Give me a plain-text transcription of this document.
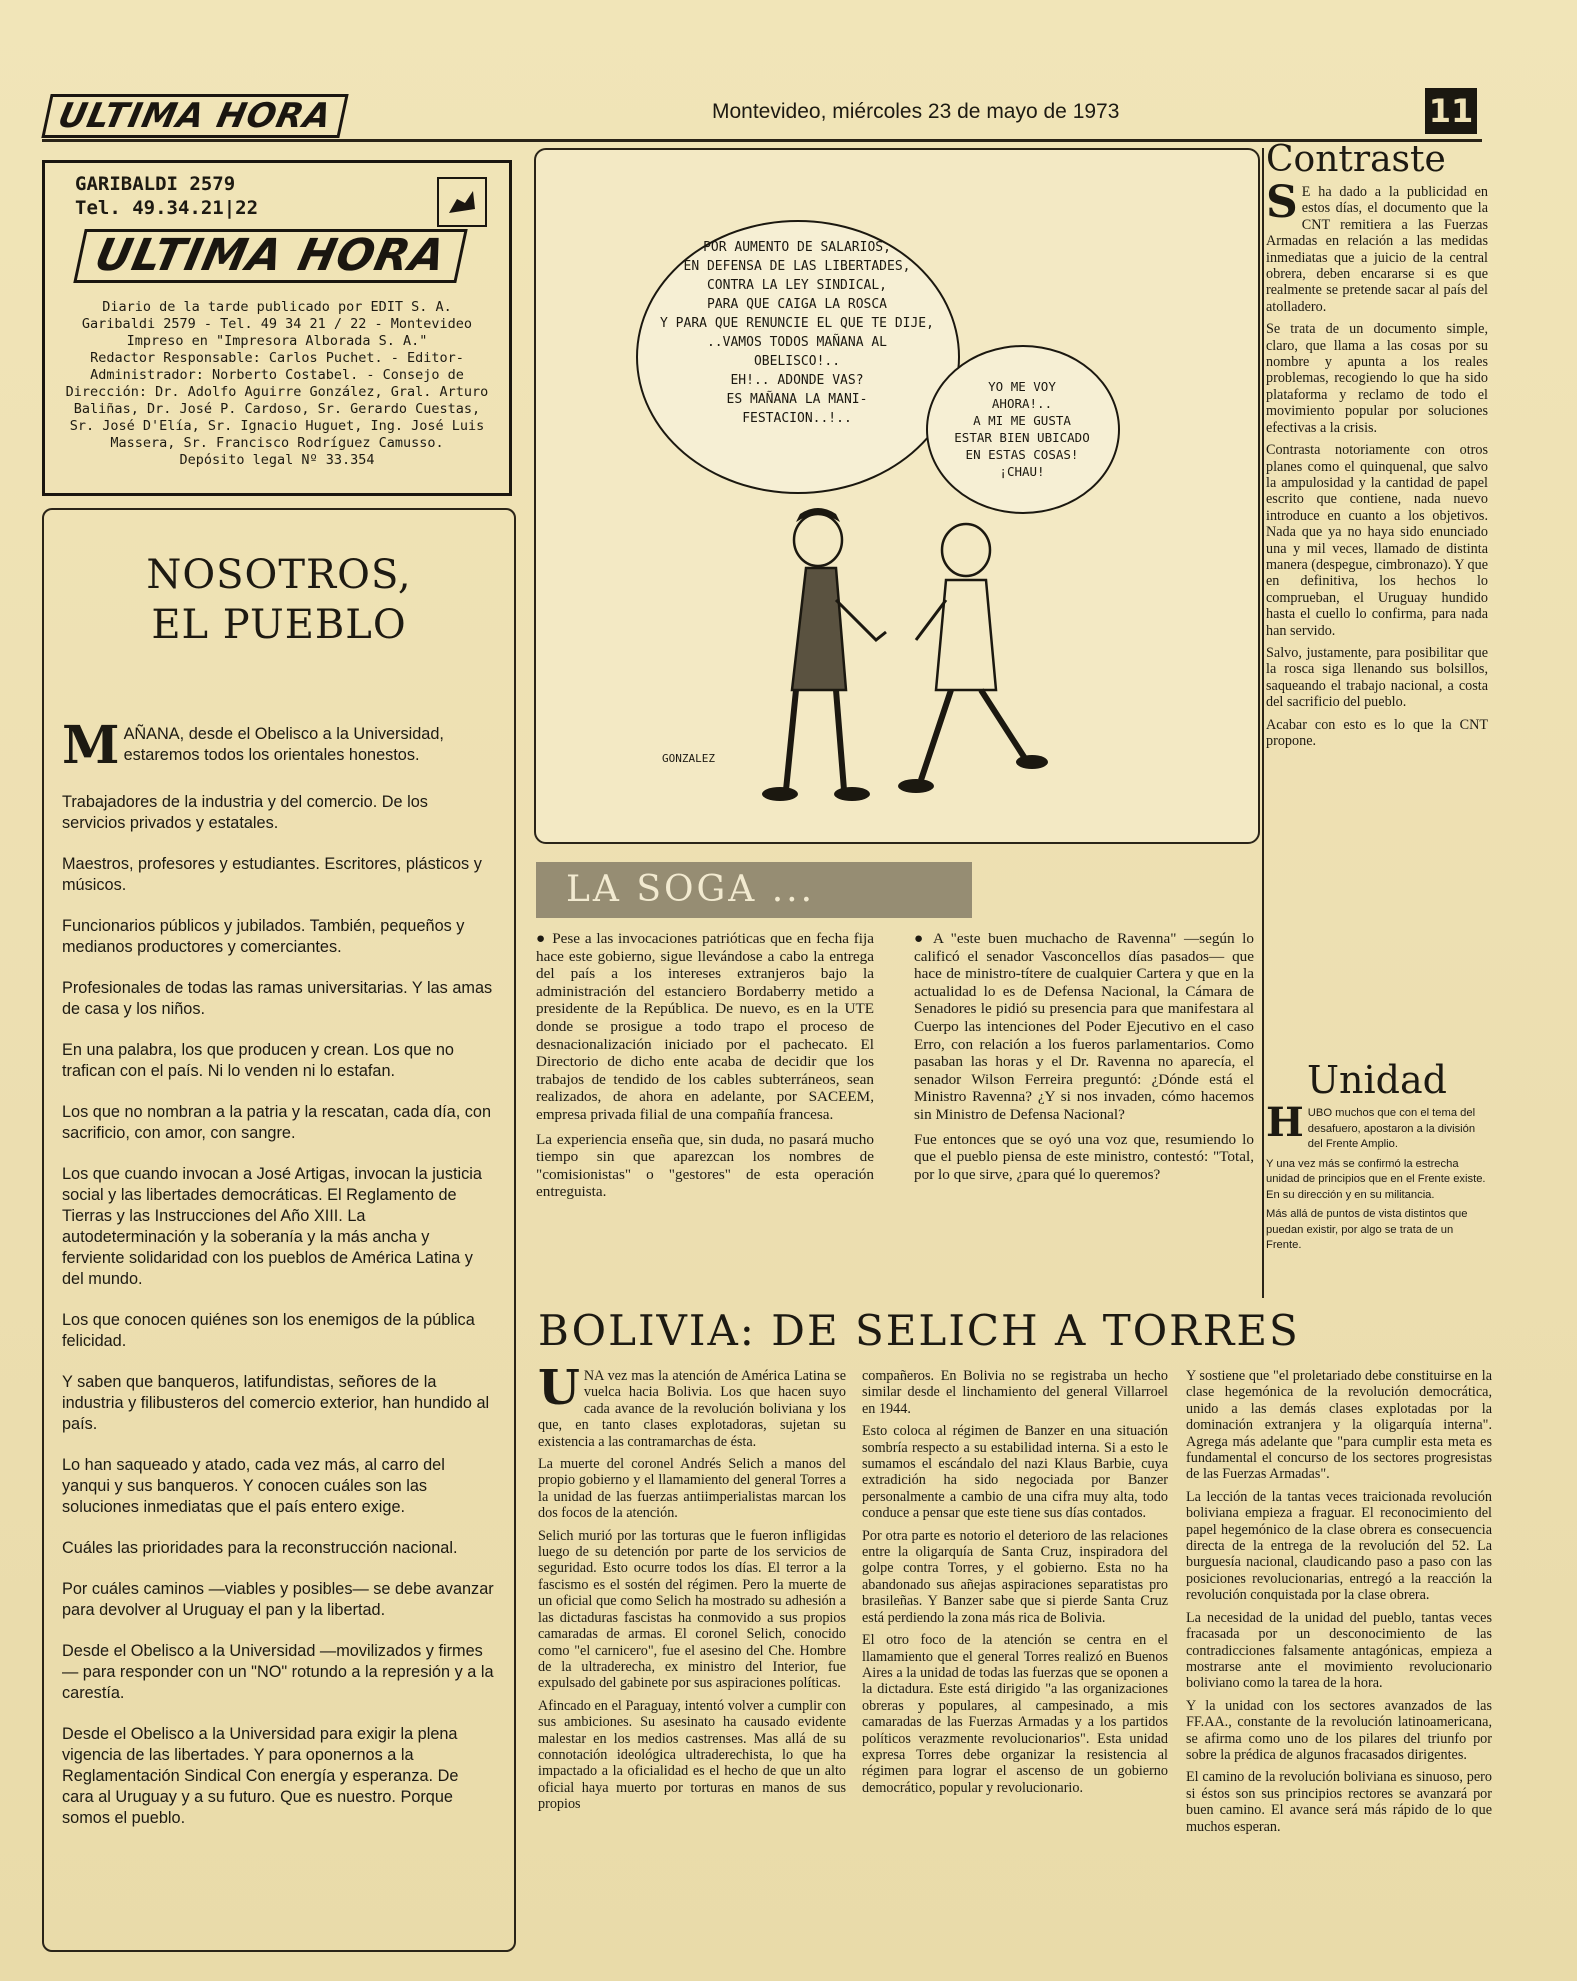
ULTIMA HORA	Montevideo, miércoles 23 de mayo de 1973	11
GARIBALDI 2579
Tel. 49.34.21|22
ULTIMA HORA

Diario de la tarde publicado por EDIT S. A.

Garibaldi 2579 - Tel. 49 34 21 / 22 - Montevideo

Impreso en "Impresora Alborada S. A."

Redactor Responsable: Carlos Puchet. - Editor-

Administrador: Norberto Costabel. - Consejo de

Dirección: Dr. Adolfo Aguirre González, Gral. Arturo

Baliñas, Dr. José P. Cardoso, Sr. Gerardo Cuestas,

Sr. José D'Elía, Sr. Ignacio Huguet, Ing. José Luis

Massera, Sr. Francisco Rodríguez Camusso.

Depósito legal Nº 33.354

NOSOTROS,
EL PUEBLO

M AÑANA, desde el Obelisco a la Universidad, estaremos todos los orientales honestos.

Trabajadores de la industria y del comercio. De los servicios privados y estatales.

Maestros, profesores y estudiantes. Escritores, plásticos y músicos.

Funcionarios públicos y jubilados. También, pequeños y medianos productores y comerciantes.

Profesionales de todas las ramas universitarias. Y las amas de casa y los niños.

En una palabra, los que producen y crean. Los que no trafican con el país. Ni lo venden ni lo estafan.

Los que no nombran a la patria y la rescatan, cada día, con sacrificio, con amor, con sangre.

Los que cuando invocan a José Artigas, invocan la justicia social y las libertades democráticas. El Reglamento de Tierras y las Instrucciones del Año XIII. La autodeterminación y la soberanía y la más ancha y ferviente solidaridad con los pueblos de América Latina y del mundo.

Los que conocen quiénes son los enemigos de la pública felicidad.

Y saben que banqueros, latifundistas, señores de la industria y filibusteros del comercio exterior, han hundido al país.

Lo han saqueado y atado, cada vez más, al carro del yanqui y sus banqueros. Y conocen cuáles son las soluciones inmediatas que el país entero exige.

Cuáles las prioridades para la reconstrucción nacional.

Por cuáles caminos —viables y posibles— se debe avanzar para devolver al Uruguay el pan y la libertad.

Desde el Obelisco a la Universidad —movilizados y firmes— para responder con un "NO" rotundo a la represión y a la carestía.

Desde el Obelisco a la Universidad para exigir la plena vigencia de las libertades. Y para oponernos a la Reglamentación Sindical Con energía y esperanza. De cara al Uruguay y a su futuro. Que es nuestro. Porque somos el pueblo.

POR AUMENTO DE SALARIOS,
EN DEFENSA DE LAS LIBERTADES,
CONTRA LA LEY SINDICAL,
PARA QUE CAIGA LA ROSCA
Y PARA QUE RENUNCIE EL QUE TE DIJE,
..VAMOS TODOS MAÑANA AL
OBELISCO!..
EH!.. ADONDE VAS?
ES MAÑANA LA MANI-
FESTACION..!..
YO ME VOY
AHORA!..
A MI ME GUSTA
ESTAR BIEN UBICADO
EN ESTAS COSAS!
¡CHAU!
GONZALEZ
Contraste

S E ha dado a la publicidad en estos días, el documento que la CNT remitiera a las Fuerzas Armadas en relación a las medidas inmediatas que a juicio de la central obrera, deben encararse si es que realmente se pretende sacar al país del atolladero.

Se trata de un documento simple, claro, que llama a las cosas por su nombre y apunta a los reales problemas, recogiendo lo que ha sido plataforma y reclamo de todo el movimiento popular por soluciones efectivas a la crisis.

Contrasta notoriamente con otros planes como el quinquenal, que salvo la ampulosidad y la cantidad de papel escrito que contiene, nada nuevo introduce en cuanto a los objetivos. Nada que ya no haya sido enunciado una y mil veces, llamado de distinta manera (despegue, cimbronazo). Y que en definitiva, los hechos lo comprueban, el Uruguay hundido hasta el cuello lo confirma, para nada han servido.

Salvo, justamente, para posibilitar que la rosca siga llenando sus bolsillos, saqueando el trabajo nacional, a costa del sacrificio del pueblo.

Acabar con esto es lo que la CNT propone.

Unidad

H UBO muchos que con el tema del desafuero, apostaron a la división del Frente Amplio.

Y una vez más se confirmó la estrecha unidad de principios que en el Frente existe. En su dirección y en su militancia.

Más allá de puntos de vista distintos que puedan existir, por algo se trata de un Frente.

LA SOGA ...

● Pese a las invocaciones patrióticas que en fecha fija hace este gobierno, sigue llevándose a cabo la entrega del país a los intereses extranjeros bajo la administración del estanciero Bordaberry metido a presidente de la República. De nuevo, es en la UTE donde se prosigue a todo trapo el proceso de desnacionalización iniciado por el pachecato. El Directorio de dicho ente acaba de decidir que los trabajos de tendido de los cables subterráneos, sean realizados, de ahora en adelante, por SACEEM, empresa privada filial de una compañía francesa.

La experiencia enseña que, sin duda, no pasará mucho tiempo sin que aparezcan los nombres de "comisionistas" o "gestores" de esta operación entreguista.

● A "este buen muchacho de Ravenna" —según lo calificó el senador Vasconcellos días pasados— que hace de ministro-títere de cualquier Cartera y que en la actualidad lo es de Defensa Nacional, la Cámara de Senadores le pidió su presencia para que manifestara al Cuerpo las intenciones del Poder Ejecutivo en el caso Erro, con relación a los fueros parlamentarios. Como pasaban las horas y el Dr. Ravenna no aparecía, el senador Wilson Ferreira preguntó: ¿Dónde está el Ministro Ravenna? ¿Y si nos invaden, cómo hacemos sin Ministro de Defensa Nacional?

Fue entonces que se oyó una voz que, resumiendo lo que el pueblo piensa de este ministro, contestó: "Total, por lo que sirve, ¿para qué lo queremos?

BOLIVIA: DE SELICH A TORRES

U NA vez mas la atención de América Latina se vuelca hacia Bolivia. Los que hacen suyo cada avance de la revolución boliviana y los que, en tanto clases explotadoras, sujetan su existencia a las contramarchas de ésta.

La muerte del coronel Andrés Selich a manos del propio gobierno y el llamamiento del general Torres a la unidad de las fuerzas antiimperialistas marcan los dos focos de la atención.

Selich murió por las torturas que le fueron infligidas luego de su detención por parte de los servicios de seguridad. Esto ocurre todos los días. El terror a la fascismo es el sostén del régimen. Pero la muerte de un oficial que como Selich ha mostrado su adhesión a las dictaduras fascistas ha conmovido a sus propios camaradas de armas. El coronel Selich, conocido como "el carnicero", fue el asesino del Che. Hombre de la ultraderecha, ex ministro del Interior, fue expulsado del gabinete por sus aspiraciones políticas.

Afincado en el Paraguay, intentó volver a cumplir con sus ambiciones. Su asesinato ha causado evidente malestar en los medios castrenses. Mas allá de su connotación ideológica ultraderechista, lo que ha impactado a la oficialidad es el hecho de que un alto oficial haya muerto por torturas en manos de sus propios

compañeros. En Bolivia no se registraba un hecho similar desde el linchamiento del general Villarroel en 1944.

Esto coloca al régimen de Banzer en una situación sombría respecto a su estabilidad interna. Si a esto le sumamos el escándalo del nazi Klaus Barbie, cuya extradición ha sido negociada por Banzer personalmente a cambio de una cifra muy alta, todo conduce a pensar que este tiene sus días contados.

Por otra parte es notorio el deterioro de las relaciones entre la oligarquía de Santa Cruz, inspiradora del golpe contra Torres, y el gobierno. Esta no ha abandonado sus añejas aspiraciones separatistas pro brasileñas. Y Banzer sabe que si pierde Santa Cruz está perdiendo la zona más rica de Bolivia.

El otro foco de la atención se centra en el llamamiento que el general Torres realizó en Buenos Aires a la unidad de todas las fuerzas que se oponen a la dictadura. Este está dirigido "a las organizaciones obreras y populares, al campesinado, a mis camaradas de las Fuerzas Armadas y a los partidos políticos verazmente revolucionarios". Esta unidad expresa Torres debe organizar la resistencia al régimen para lograr el ascenso de un gobierno democrático, popular y revolucionario.

Y sostiene que "el proletariado debe constituirse en la clase hegemónica de la revolución democrática, unido a las demás clases explotadas por la dominación extranjera y la oligarquía interna". Agrega más adelante que "para cumplir esta meta es fundamental el concurso de los sectores progresistas de las Fuerzas Armadas".

La lección de la tantas veces traicionada revolución boliviana empieza a fraguar. El reconocimiento del papel hegemónico de la clase obrera es consecuencia directa de la entrega de la revolución del 52. La burguesía nacional, claudicando paso a paso con las posiciones revolucionarias, entregó a la reacción la revolución conquistada por la clase obrera.

La necesidad de la unidad del pueblo, tantas veces fracasada por un desconocimiento de las contradicciones falsamente antagónicas, empieza a mostrarse ante el movimiento revolucionario boliviano como la tarea de la hora.

Y la unidad con los sectores avanzados de las FF.AA., constante de la revolución latinoamericana, se afirma como uno de los pilares del triunfo por sobre la prédica de algunos fracasados dirigentes.

El camino de la revolución boliviana es sinuoso, pero si éstos son sus principios rectores se avanzará por buen camino. El avance será más rápido de lo que muchos esperan.
